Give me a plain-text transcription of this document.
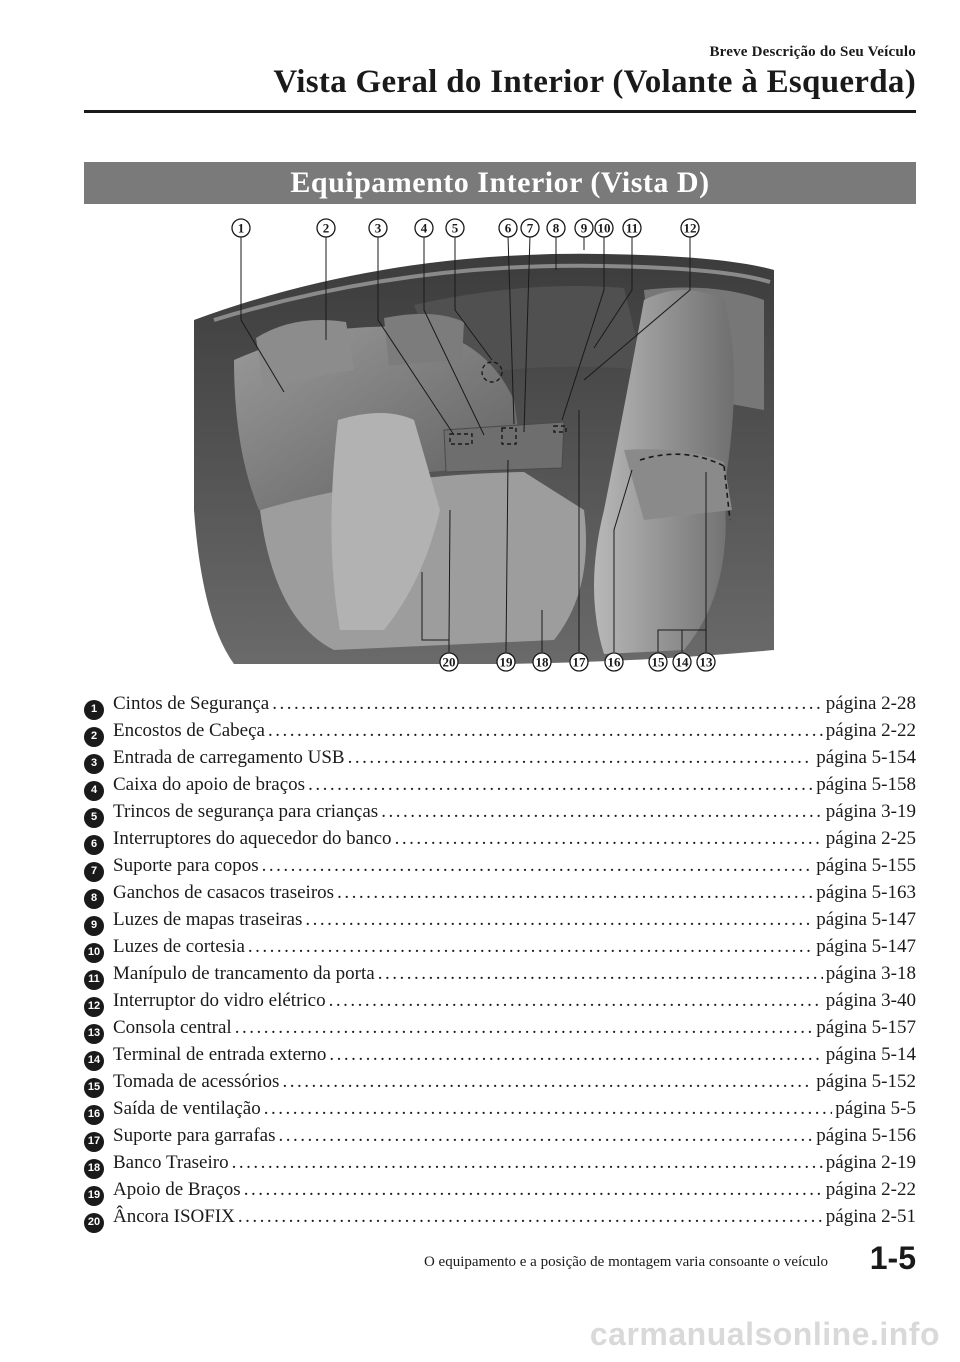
Breve Descrição do Seu Veículo
Vista Geral do Interior (Volante à Esquerda)
Equipamento Interior (Vista D)
1	2	3	4 5	6 7 8 9 10 11	12
20	19 18 17 16 15 14 13
1 Cintos de Segurança .....	página 2-28
2 Encostos de Cabeça .....	página 2-22
3 Entrada de carregamento USB .....	página 5-154
4 Caixa do apoio de braços .....	página 5-158
5 Trincos de segurança para crianças .....	página 3-19
6 Interruptores do aquecedor do banco .....	página 2-25
7 Suporte para copos .....	página 5-155
8 Ganchos de casacos traseiros .....	página 5-163
9 Luzes de mapas traseiras .....	página 5-147
10 Luzes de cortesia .....	página 5-147
11 Manípulo de trancamento da porta .....	página 3-18
12 Interruptor do vidro elétrico .....	página 3-40
13 Consola central .....	página 5-157
14 Terminal de entrada externo .....	página 5-14
15 Tomada de acessórios .....	página 5-152
16 Saída de ventilação .....	página 5-5
17 Suporte para garrafas .....	página 5-156
18 Banco Traseiro .....	página 2-19
19 Apoio de Braços .....	página 2-22
20 Âncora ISOFIX .....	página 2-51
O equipamento e a posição de montagem varia consoante o veículo 1-5
carmanualsonline.info
